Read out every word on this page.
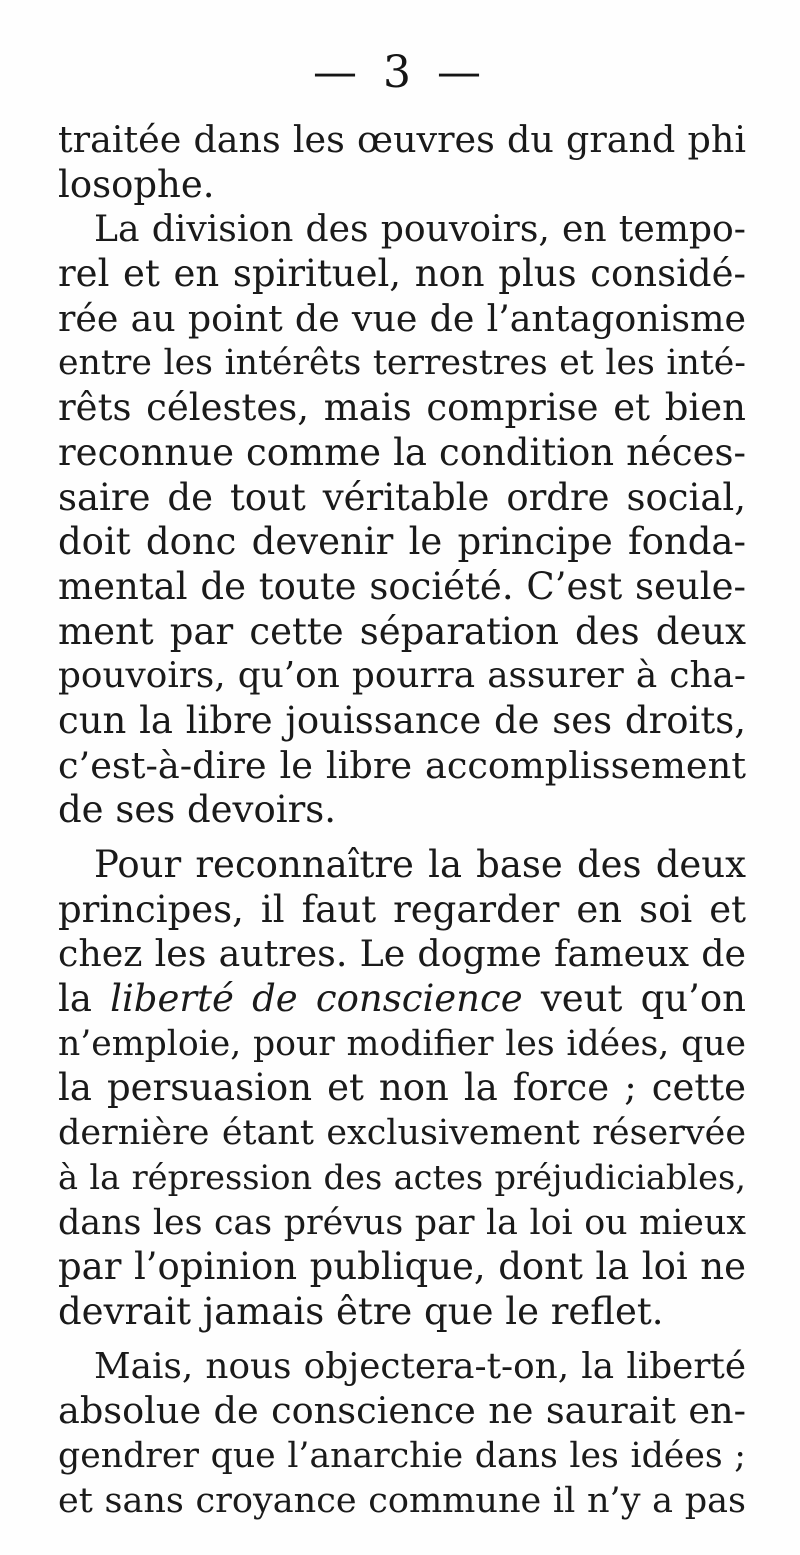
— 3 —
traitée dans les œuvres du grand phi
losophe.
La division des pouvoirs, en tempo-
rel et en spirituel, non plus considé-
rée au point de vue de l’antagonisme
entre les intérêts terrestres et les inté-
rêts célestes, mais comprise et bien
reconnue comme la condition néces-
saire de tout véritable ordre social,
doit donc devenir le principe fonda-
mental de toute société. C’est seule-
ment par cette séparation des deux
pouvoirs, qu’on pourra assurer à cha-
cun la libre jouissance de ses droits,
c’est-à-dire le libre accomplissement
de ses devoirs.
Pour reconnaître la base des deux
principes, il faut regarder en soi et
chez les autres. Le dogme fameux de
la liberté de conscience veut qu’on
n’emploie, pour modifier les idées, que
la persuasion et non la force ; cette
dernière étant exclusivement réservée
à la répression des actes préjudiciables,
dans les cas prévus par la loi ou mieux
par l’opinion publique, dont la loi ne
devrait jamais être que le reflet.
Mais, nous objectera-t-on, la liberté
absolue de conscience ne saurait en-
gendrer que l’anarchie dans les idées ;
et sans croyance commune il n’y a pas
